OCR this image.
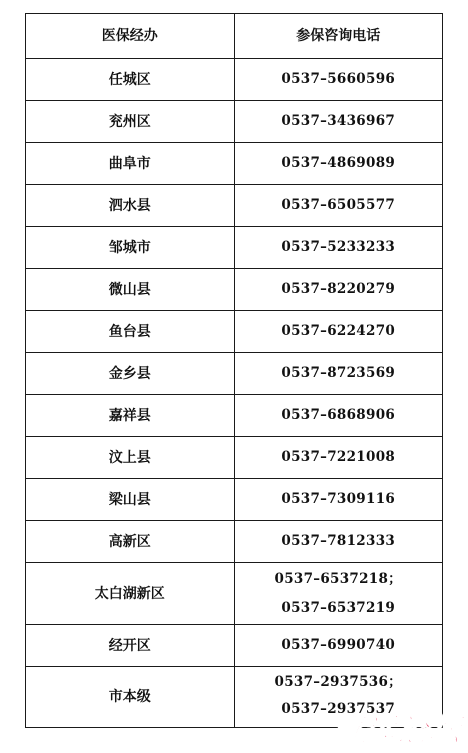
医保经办	参保咨询电话
任城区	0537–5660596
兖州区	0537–3436967
曲阜市	0537–4869089
泗水县	0537–6505577
邹城市	0537–5233233
微山县	0537–8220279
鱼台县	0537–6224270
金乡县	0537–8723569
嘉祥县	0537–6868906
汶上县	0537–7221008
梁山县	0537–7309116
高新区	0537–7812333
太白湖新区	0537–6537218；
0537–6537219

经开区	0537–6990740
市本级	0537–2937536；
0537–2937537
声远论坛
